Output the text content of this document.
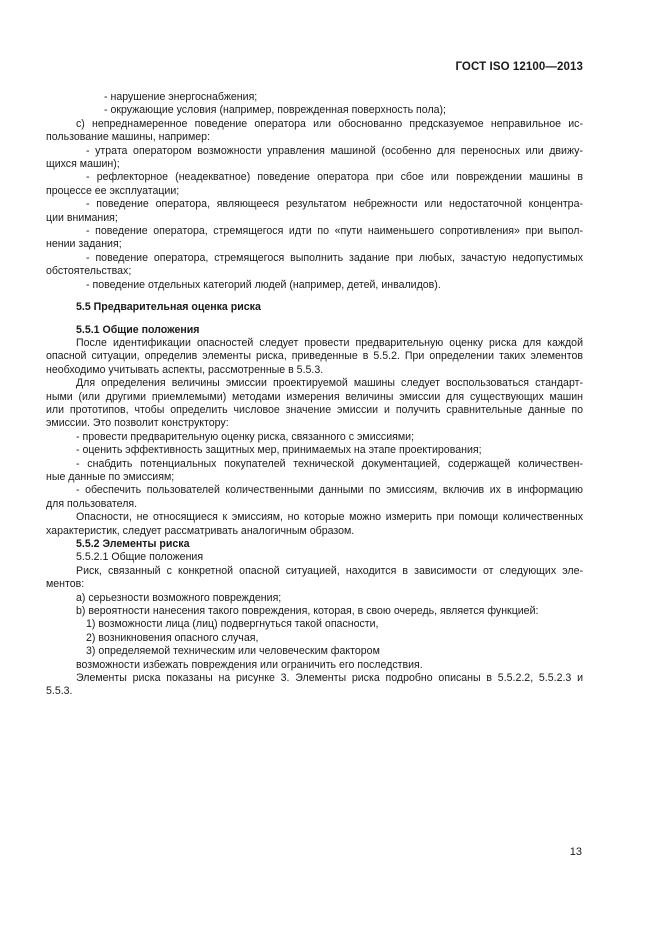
ГОСТ ISO 12100—2013
- нарушение энергоснабжения;
- окружающие условия (например, поврежденная поверхность пола);
с) непреднамеренное поведение оператора или обоснованно предсказуемое неправильное ис-
пользование машины, например:
- утрата оператором возможности управления машиной (особенно для переносных или движу-
щихся машин);
- рефлекторное (неадекватное) поведение оператора при сбое или повреждении машины в
процессе ее эксплуатации;
- поведение оператора, являющееся результатом небрежности или недостаточной концентра-
ции внимания;
- поведение оператора, стремящегося идти по «пути наименьшего сопротивления» при выпол-
нении задания;
- поведение оператора, стремящегося выполнить задание при любых, зачастую недопустимых
обстоятельствах;
- поведение отдельных категорий людей (например, детей, инвалидов).
5.5 Предварительная оценка риска
5.5.1 Общие положения
После идентификации опасностей следует провести предварительную оценку риска для каждой
опасной ситуации, определив элементы риска, приведенные в 5.5.2. При определении таких элементов
необходимо учитывать аспекты, рассмотренные в 5.5.3.
Для определения величины эмиссии проектируемой машины следует воспользоваться стандарт-
ными (или другими приемлемыми) методами измерения величины эмиссии для существующих машин
или прототипов, чтобы определить числовое значение эмиссии и получить сравнительные данные по
эмиссии. Это позволит конструктору:
- провести предварительную оценку риска, связанного с эмиссиями;
- оценить эффективность защитных мер, принимаемых на этапе проектирования;
- снабдить потенциальных покупателей технической документацией, содержащей количествен-
ные данные по эмиссиям;
- обеспечить пользователей количественными данными по эмиссиям, включив их в информацию
для пользователя.
Опасности, не относящиеся к эмиссиям, но которые можно измерить при помощи количественных
характеристик, следует рассматривать аналогичным образом.
5.5.2 Элементы риска
5.5.2.1 Общие положения
Риск, связанный с конкретной опасной ситуацией, находится в зависимости от следующих эле-
ментов:
а) серьезности возможного повреждения;
b) вероятности нанесения такого повреждения, которая, в свою очередь, является функцией:
1) возможности лица (лиц) подвергнуться такой опасности,
2) возникновения опасного случая,
3) определяемой техническим или человеческим фактором
возможности избежать повреждения или ограничить его последствия.
Элементы риска показаны на рисунке 3. Элементы риска подробно описаны в 5.5.2.2, 5.5.2.3 и
5.5.3.
13
